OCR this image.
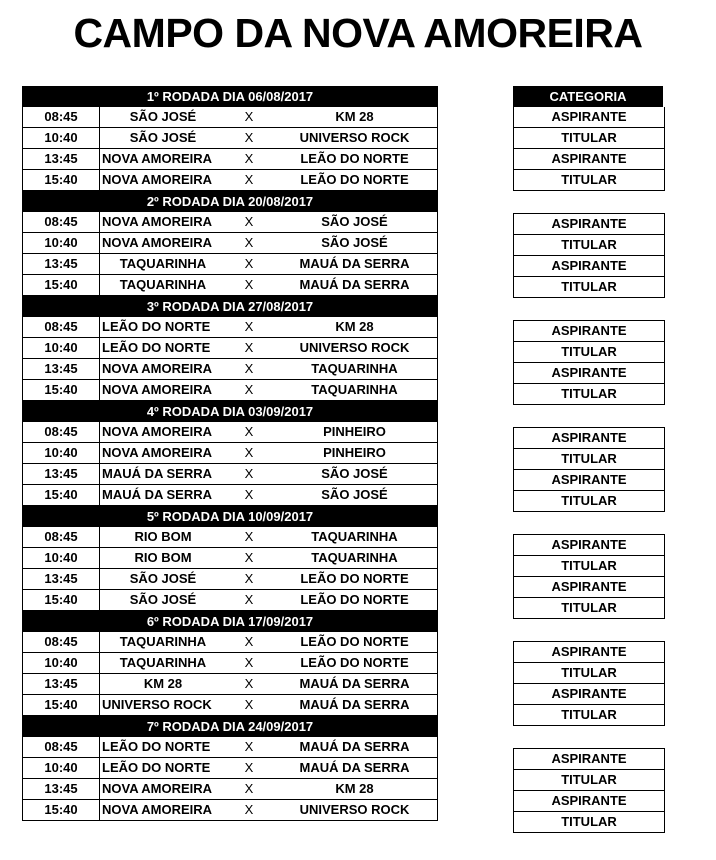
CAMPO DA NOVA AMOREIRA
1º RODADA DIA 06/08/2017
08:45	SÃO JOSÉ	X	KM 28
10:40	SÃO JOSÉ	X	UNIVERSO ROCK
13:45	NOVA AMOREIRA	X	LEÃO DO NORTE
15:40	NOVA AMOREIRA	X	LEÃO DO NORTE
2º RODADA DIA 20/08/2017
08:45	NOVA AMOREIRA	X	SÃO JOSÉ
10:40	NOVA AMOREIRA	X	SÃO JOSÉ
13:45	TAQUARINHA	X	MAUÁ DA SERRA
15:40	TAQUARINHA	X	MAUÁ DA SERRA
3º RODADA DIA 27/08/2017
08:45	LEÃO DO NORTE	X	KM 28
10:40	LEÃO DO NORTE	X	UNIVERSO ROCK
13:45	NOVA AMOREIRA	X	TAQUARINHA
15:40	NOVA AMOREIRA	X	TAQUARINHA
4º RODADA DIA 03/09/2017
08:45	NOVA AMOREIRA	X	PINHEIRO
10:40	NOVA AMOREIRA	X	PINHEIRO
13:45	MAUÁ DA SERRA	X	SÃO JOSÉ
15:40	MAUÁ DA SERRA	X	SÃO JOSÉ
5º RODADA DIA 10/09/2017
08:45	RIO BOM	X	TAQUARINHA
10:40	RIO BOM	X	TAQUARINHA
13:45	SÃO JOSÉ	X	LEÃO DO NORTE
15:40	SÃO JOSÉ	X	LEÃO DO NORTE
6º RODADA DIA 17/09/2017
08:45	TAQUARINHA	X	LEÃO DO NORTE
10:40	TAQUARINHA	X	LEÃO DO NORTE
13:45	KM 28	X	MAUÁ DA SERRA
15:40	UNIVERSO ROCK	X	MAUÁ DA SERRA
7º RODADA DIA 24/09/2017
08:45	LEÃO DO NORTE	X	MAUÁ DA SERRA
10:40	LEÃO DO NORTE	X	MAUÁ DA SERRA
13:45	NOVA AMOREIRA	X	KM 28
15:40	NOVA AMOREIRA	X	UNIVERSO ROCK
CATEGORIA
ASPIRANTE
TITULAR
ASPIRANTE
TITULAR
ASPIRANTE
TITULAR
ASPIRANTE
TITULAR
ASPIRANTE
TITULAR
ASPIRANTE
TITULAR
ASPIRANTE
TITULAR
ASPIRANTE
TITULAR
ASPIRANTE
TITULAR
ASPIRANTE
TITULAR
ASPIRANTE
TITULAR
ASPIRANTE
TITULAR
ASPIRANTE
TITULAR
ASPIRANTE
TITULAR
